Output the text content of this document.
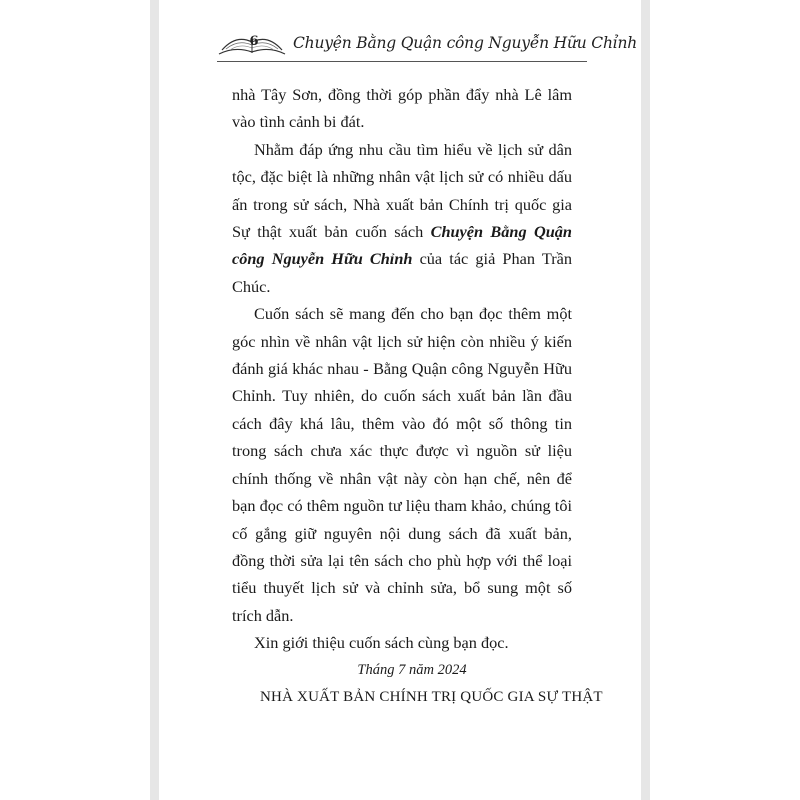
6 Chuyện Bằng Quận công Nguyễn Hữu Chỉnh

nhà Tây Sơn, đồng thời góp phần đẩy nhà Lê lâm vào tình cảnh bi đát.

Nhằm đáp ứng nhu cầu tìm hiểu về lịch sử dân tộc, đặc biệt là những nhân vật lịch sử có nhiều dấu ấn trong sử sách, Nhà xuất bản Chính trị quốc gia Sự thật xuất bản cuốn sách Chuyện Bằng Quận công Nguyễn Hữu Chỉnh của tác giả Phan Trần Chúc.

Cuốn sách sẽ mang đến cho bạn đọc thêm một góc nhìn về nhân vật lịch sử hiện còn nhiều ý kiến đánh giá khác nhau - Bằng Quận công Nguyễn Hữu Chỉnh. Tuy nhiên, do cuốn sách xuất bản lần đầu cách đây khá lâu, thêm vào đó một số thông tin trong sách chưa xác thực được vì nguồn sử liệu chính thống về nhân vật này còn hạn chế, nên để bạn đọc có thêm nguồn tư liệu tham khảo, chúng tôi cố gắng giữ nguyên nội dung sách đã xuất bản, đồng thời sửa lại tên sách cho phù hợp với thể loại tiểu thuyết lịch sử và chỉnh sửa, bổ sung một số trích dẫn.

Xin giới thiệu cuốn sách cùng bạn đọc.

Tháng 7 năm 2024

NHÀ XUẤT BẢN CHÍNH TRỊ QUỐC GIA SỰ THẬT
